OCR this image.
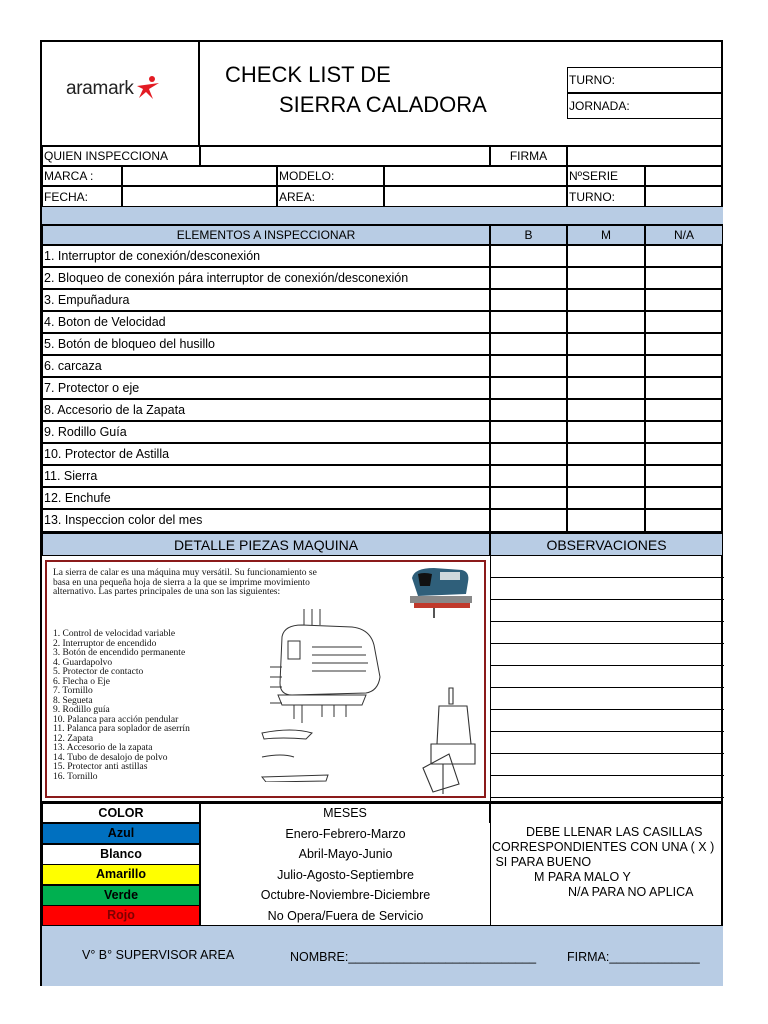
aramark
CHECK LIST DE
SIERRA CALADORA
TURNO:
JORNADA:
QUIEN INSPECCIONA	FIRMA
MARCA :	MODELO:	NºSERIE
FECHA:	AREA:	TURNO:
ELEMENTOS A INSPECCIONAR	B	M	N/A
1. Interruptor de conexión/desconexión
2. Bloqueo de conexión pára interruptor de conexión/desconexión
3. Empuñadura
4. Boton de Velocidad
5. Botón de bloqueo del husillo
6. carcaza
7. Protector o eje
8. Accesorio de la Zapata
9. Rodillo Guía
10. Protector de Astilla
11. Sierra
12. Enchufe
13. Inspeccion color del mes
DETALLE PIEZAS MAQUINA	OBSERVACIONES
La sierra de calar es una máquina muy versátil. Su funcionamiento se
basa en una pequeña hoja de sierra a la que se imprime movimiento
alternativo. Las partes principales de una son las siguientes:
1. Control de velocidad variable
2. Interruptor de encendido
3. Botón de encendido permanente
4. Guardapolvo
5. Protector de contacto
6. Flecha o Eje
7. Tornillo
8. Segueta
9. Rodillo guía
10. Palanca para acción pendular
11. Palanca para soplador de aserrín
12. Zapata
13. Accesorio de la zapata
14. Tubo de desalojo de polvo
15. Protector anti astillas
16. Tornillo
COLOR	MESES
DEBE LLENAR LAS CASILLAS
CORRESPONDIENTES CON UNA ( X )
SI PARA BUENO
M PARA MALO Y
N/A PARA NO APLICA
Azul	Enero-Febrero-Marzo
Blanco	Abril-Mayo-Junio
Amarillo	Julio-Agosto-Septiembre
Verde	Octubre-Noviembre-Diciembre
Rojo	No Opera/Fuera de Servicio
V° B° SUPERVISOR AREA	NOMBRE:___________________________ FIRMA:_____________
